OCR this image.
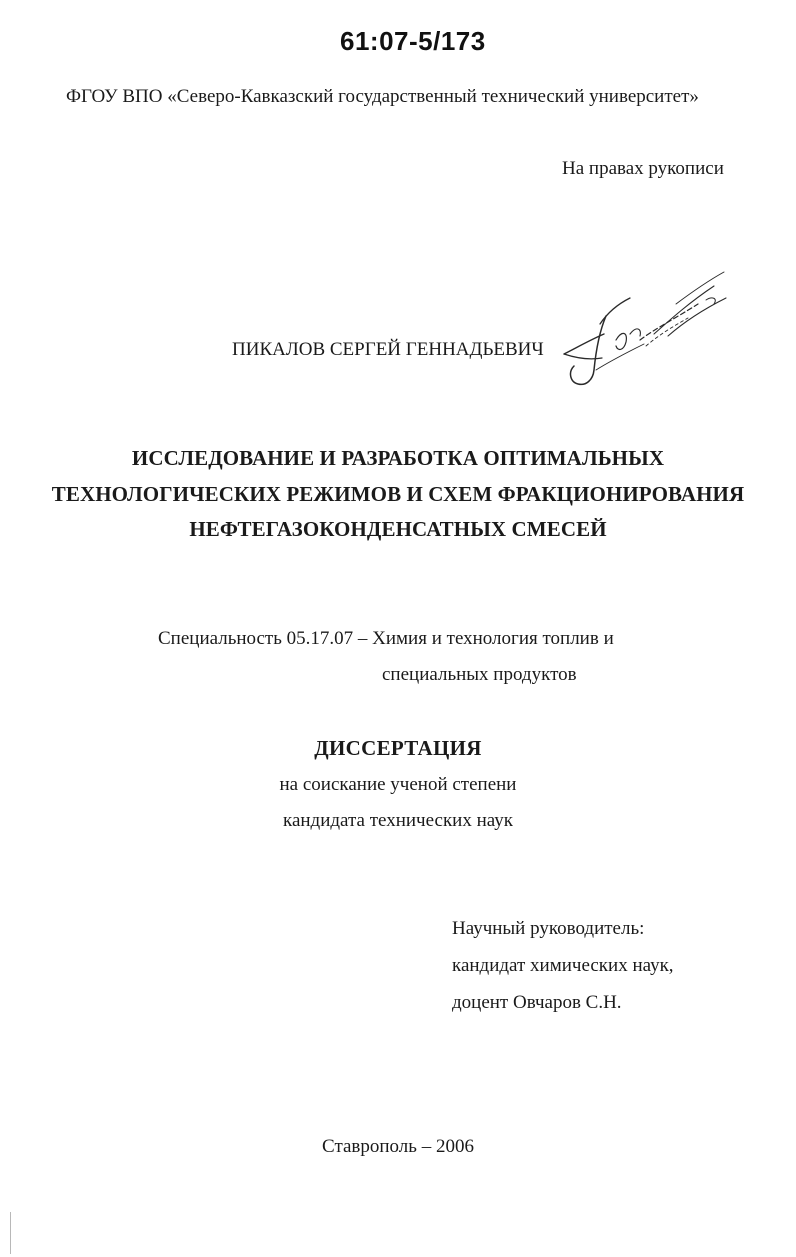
61:07-5/173
ФГОУ ВПО «Северо-Кавказский государственный технический университет»
На правах рукописи
ПИКАЛОВ СЕРГЕЙ ГЕННАДЬЕВИЧ
ИССЛЕДОВАНИЕ И РАЗРАБОТКА ОПТИМАЛЬНЫХ
ТЕХНОЛОГИЧЕСКИХ РЕЖИМОВ И СХЕМ ФРАКЦИОНИРОВАНИЯ
НЕФТЕГАЗОКОНДЕНСАТНЫХ СМЕСЕЙ
Специальность 05.17.07 – Химия и технология топлив и
специальных продуктов
ДИССЕРТАЦИЯ
на соискание ученой степени
кандидата технических наук
Научный руководитель:
кандидат химических наук,
доцент Овчаров С.Н.
Ставрополь – 2006
